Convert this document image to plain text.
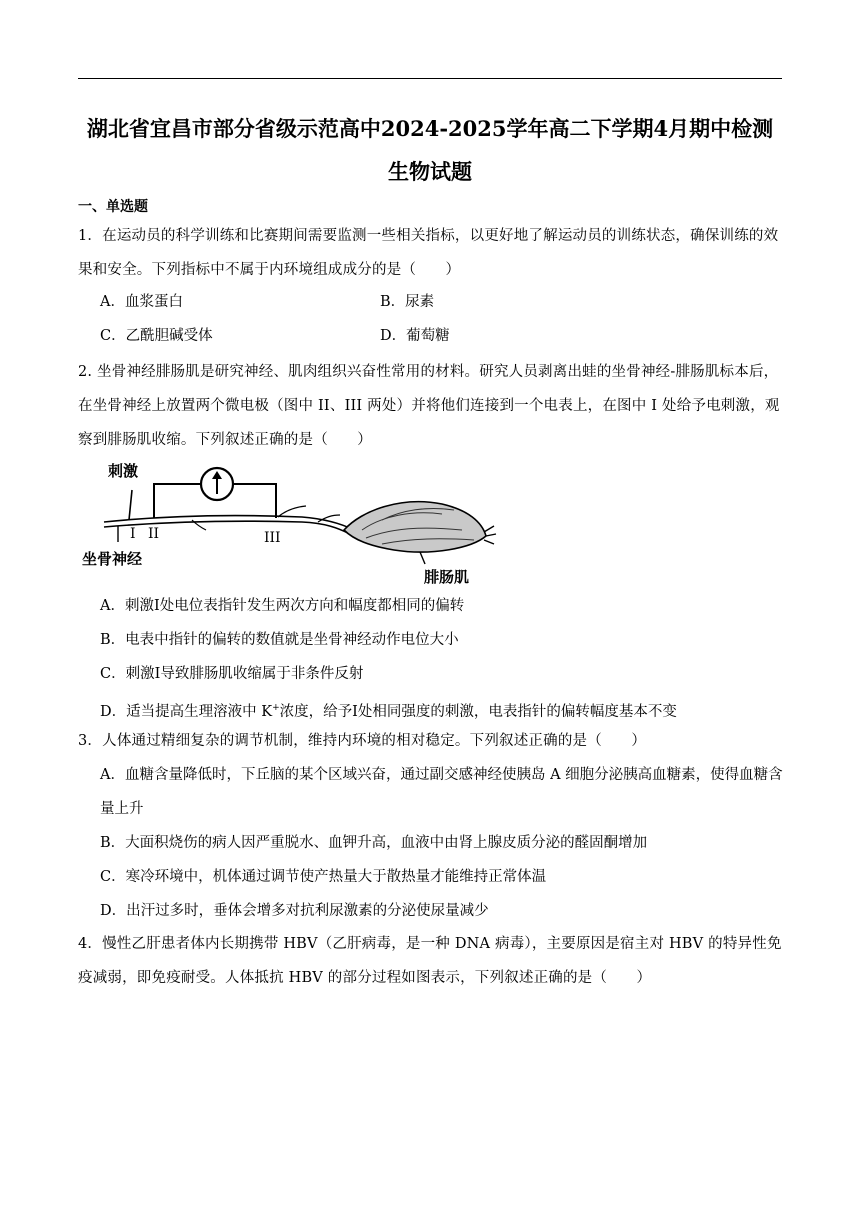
湖北省宜昌市部分省级示范高中2024-2025学年高二下学期4月期中检测
生物试题
一、单选题
1．在运动员的科学训练和比赛期间需要监测一些相关指标，以更好地了解运动员的训练状态，确保训练的效果和安全。下列指标中不属于内环境组成成分的是（　　）
A．血浆蛋白	B．尿素
C．乙酰胆碱受体	D．葡萄糖
2. 坐骨神经腓肠肌是研究神经、肌肉组织兴奋性常用的材料。研究人员剥离出蛙的坐骨神经-腓肠肌标本后，在坐骨神经上放置两个微电极（图中 II、III 两处）并将他们连接到一个电表上，在图中 I 处给予电刺激，观察到腓肠肌收缩。下列叙述正确的是（　　）
刺激
坐骨神经
腓肠肌
I II	III
A．刺激Ⅰ处电位表指针发生两次方向和幅度都相同的偏转
B．电表中指针的偏转的数值就是坐骨神经动作电位大小
C．刺激Ⅰ导致腓肠肌收缩属于非条件反射
D．适当提高生理溶液中 K+浓度，给予Ⅰ处相同强度的刺激，电表指针的偏转幅度基本不变
3．人体通过精细复杂的调节机制，维持内环境的相对稳定。下列叙述正确的是（　　）
A．血糖含量降低时，下丘脑的某个区域兴奋，通过副交感神经使胰岛 A 细胞分泌胰高血糖素，使得血糖含量上升
B．大面积烧伤的病人因严重脱水、血钾升高，血液中由肾上腺皮质分泌的醛固酮增加
C．寒冷环境中，机体通过调节使产热量大于散热量才能维持正常体温
D．出汗过多时，垂体会增多对抗利尿激素的分泌使尿量减少
4．慢性乙肝患者体内长期携带 HBV（乙肝病毒，是一种 DNA 病毒），主要原因是宿主对 HBV 的特异性免疫减弱，即免疫耐受。人体抵抗 HBV 的部分过程如图表示，下列叙述正确的是（　　）
